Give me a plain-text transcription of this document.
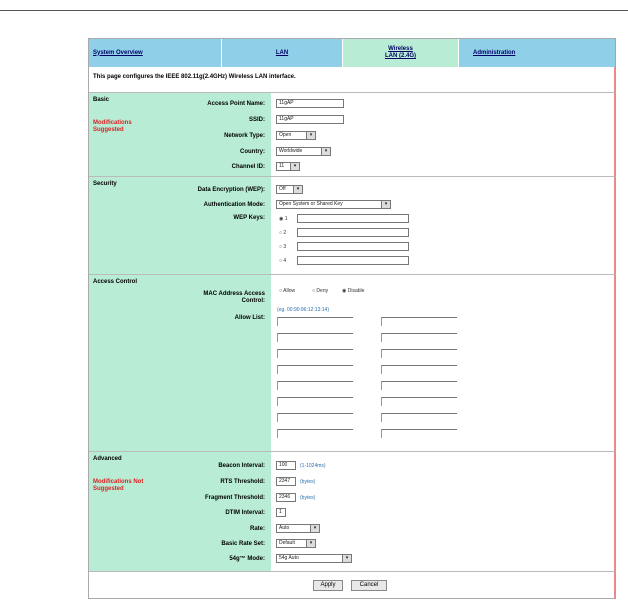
System Overview	LAN
Wireless LAN (2.4G)
Administration
This page configures the IEEE 802.11g(2.4GHz) Wireless LAN interface.
Basic
Modifications Suggested
Access Point Name:	11gAP
SSID:	11gAP
Network Type:	Open	▾
Country:	Worldwide	▾
Channel ID:	11	▾
Security
Data Encryption (WEP):	Off	▾
Authentication Mode:	Open System or Shared Key	▾
WEP Keys:	◉ 1
○ 2
○ 3
○ 4
Access Control
MAC Address Access Control:
○ Allow	○ Deny	◉ Disable
(eg. 00:90:96:12:13:14)
Allow List:
Advanced
Modifications Not Suggested
Beacon Interval:	100	(1-1024ms)
RTS Threshold:	2347	(bytes)
Fragment Threshold:	2346	(bytes)
DTIM Interval:	1
Rate:	Auto	▾
Basic Rate Set:	Default	▾
54g™ Mode:	54g Auto	▾
Apply	Cancel
